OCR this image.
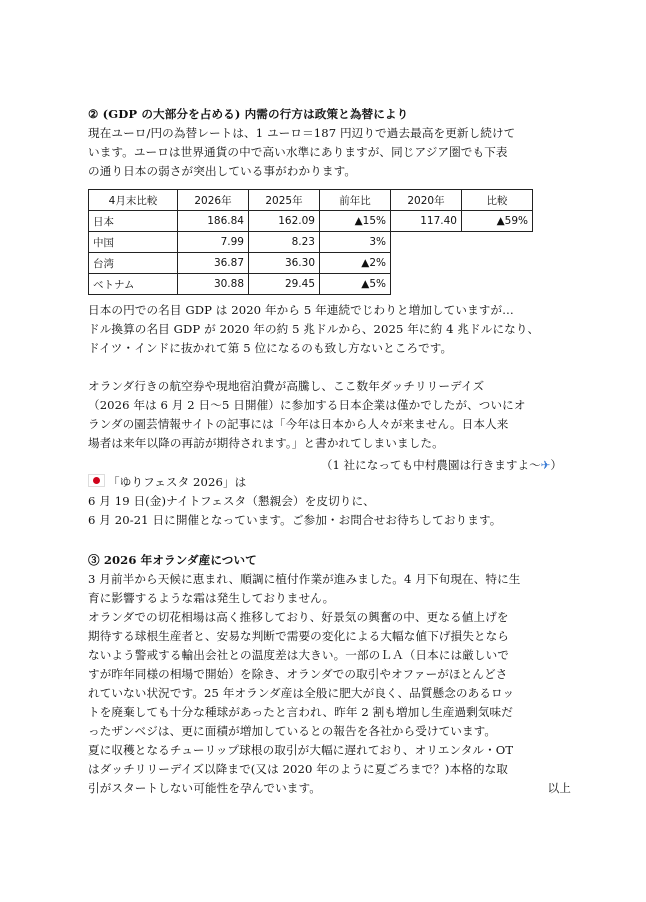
② (GDP の大部分を占める) 内需の行方は政策と為替により
現在ユーロ/円の為替レートは、1 ユーロ＝187 円辺りで過去最高を更新し続けて
います。ユーロは世界通貨の中で高い水準にありますが、同じアジア圏でも下表
の通り日本の弱さが突出している事がわかります。
4月末比較	2026年	2025年	前年比	2020年	比較
日本	186.84	162.09	▲15%	117.40	▲59%
中国	7.99	8.23	3%		
台湾	36.87	36.30	▲2%		
ベトナム	30.88	29.45	▲5%		
日本の円での名目 GDP は 2020 年から 5 年連続でじわりと増加していますが…
ドル換算の名目 GDP が 2020 年の約 5 兆ドルから、2025 年に約 4 兆ドルになり、
ドイツ・インドに抜かれて第 5 位になるのも致し方ないところです。
オランダ行きの航空券や現地宿泊費が高騰し、ここ数年ダッチリリーデイズ
（2026 年は 6 月 2 日～5 日開催）に参加する日本企業は僅かでしたが、ついにオ
ランダの園芸情報サイトの記事には「今年は日本から人々が来ません。日本人来
場者は来年以降の再訪が期待されます。」と書かれてしまいました。
（1 社になっても中村農園は行きますよ～✈）
「ゆりフェスタ 2026」は
6 月 19 日(金)ナイトフェスタ（懇親会）を皮切りに、
6 月 20-21 日に開催となっています。ご参加・お問合せお待ちしております。
③ 2026 年オランダ産について
3 月前半から天候に恵まれ、順調に植付作業が進みました。4 月下旬現在、特に生
育に影響するような霜は発生しておりません。
オランダでの切花相場は高く推移しており、好景気の興奮の中、更なる値上げを
期待する球根生産者と、安易な判断で需要の変化による大幅な値下げ損失となら
ないよう警戒する輸出会社との温度差は大きい。一部のＬＡ（日本には厳しいで
すが昨年同様の相場で開始）を除き、オランダでの取引やオファーがほとんどさ
れていない状況です。25 年オランダ産は全般に肥大が良く、品質懸念のあるロッ
トを廃棄しても十分な種球があったと言われ、昨年 2 割も増加し生産過剰気味だ
ったザンベジは、更に面積が増加しているとの報告を各社から受けています。
夏に収穫となるチューリップ球根の取引が大幅に遅れており、オリエンタル・OT
はダッチリリーデイズ以降まで(又は 2020 年のように夏ごろまで？)本格的な取
引がスタートしない可能性を孕んでいます。	以上
